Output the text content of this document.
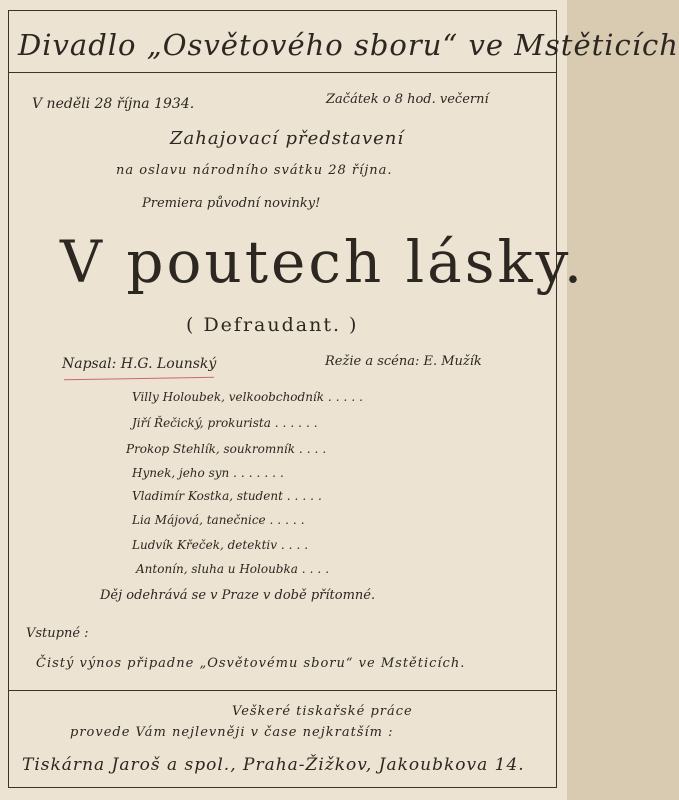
Divadlo „Osvětového sboru“ ve Mstěticích
V neděli 28 října 1934.	Začátek o 8 hod. večerní
Zahajovací představení
na oslavu národního svátku 28 října.
Premiera původní novinky!
V poutech lásky.
( Defraudant. )
Napsal: H.G. Lounský	Režie a scéna: E. Mužík
Villy Holoubek, velkoobchodník .....
Jiří Řečický, prokurista ......
Prokop Stehlík, soukromník ....
Hynek, jeho syn .......
Vladimír Kostka, student .....
Lia Májová, tanečnice .....
Ludvík Křeček, detektiv ....
Antonín, sluha u Holoubka ....
Děj odehrává se v Praze v době přítomné.
Vstupné :
Čistý výnos připadne „Osvětovému sboru“ ve Mstěticích.
Veškeré tiskařské práce
provede Vám nejlevněji v čase nejkratším :
Tiskárna Jaroš a spol., Praha-Žižkov, Jakoubkova 14.
